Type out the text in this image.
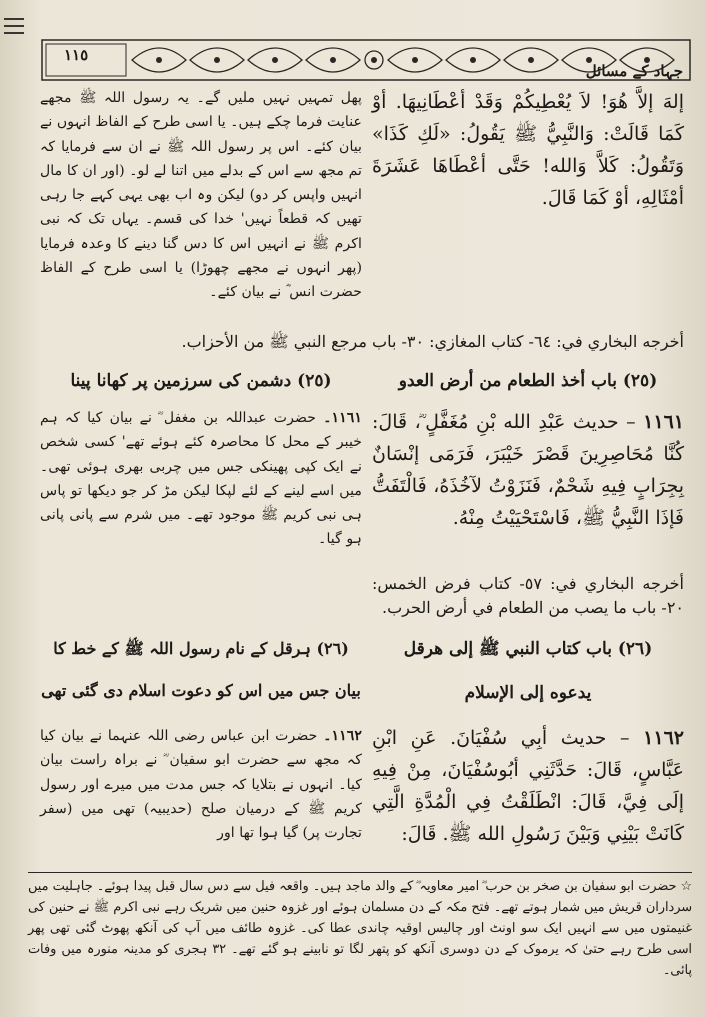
١١٥
جہاد کے مسائل
إلهَ إلاَّ هُوَ! لاَ يُعْطِيكُمْ وَقَدْ أعْطَانِيهَا. أوْ كَمَا قَالَتْ: وَالنَّبِيُّ ﷺ يَقُولُ: «لَكِ كَذَا» وَتَقُولُ: كَلاَّ وَالله! حَتَّى أعْطَاهَا عَشَرَةَ أمْثَالِهِ، أوْ كَمَا قَالَ.
پھل تمہیں نہیں ملیں گے۔ یہ رسول اللہ ﷺ مجھے عنایت فرما چکے ہیں۔ یا اسی طرح کے الفاظ انہوں نے بیان کئے۔ اس پر رسول اللہ ﷺ نے ان سے فرمایا کہ تم مجھ سے اس کے بدلے میں اتنا لے لو۔ (اور ان کا مال انہیں واپس کر دو) لیکن وہ اب بھی یہی کہے جا رہی تھیں کہ قطعاً نہیں' خدا کی قسم۔ یہاں تک کہ نبی اکرم ﷺ نے انہیں اس کا دس گنا دینے کا وعدہ فرمایا (پھر انہوں نے مجھے چھوڑا) یا اسی طرح کے الفاظ حضرت انس ؓ نے بیان کئے۔
أخرجه البخاري في: ٦٤- كتاب المغازي: ٣٠- باب مرجع النبي ﷺ من الأحزاب.
(٢٥) باب أخذ الطعام من أرض العدو
(٢٥) دشمن کی سرزمین پر کھانا پینا
١١٦١ – حديث عَبْدِ الله بْنِ مُغَفَّلٍ ؓ، قَالَ: كُنَّا مُحَاصِرِينَ قَصْرَ خَيْبَرَ، فَرَمَى إنْسَانٌ بِجِرَابٍ فِيهِ شَحْمٌ، فَنَزَوْتُ لآخُذَهُ، فَالْتَفَتُّ فَإذَا النَّبِيُّ ﷺ، فَاسْتَحْيَيْتُ مِنْهُ.
١١٦١۔ حضرت عبداللہ بن مغفل ؓ نے بیان کیا کہ ہم خیبر کے محل کا محاصرہ کئے ہوئے تھے' کسی شخص نے ایک کپی پھینکی جس میں چربی بھری ہوئی تھی۔ میں اسے لینے کے لئے لپکا لیکن مڑ کر جو دیکھا تو پاس ہی نبی کریم ﷺ موجود تھے۔ میں شرم سے پانی پانی ہو گیا۔
أخرجه البخاري في: ٥٧- كتاب فرض الخمس: ٢٠- باب ما يصب من الطعام في أرض الحرب.
(٢٦) باب كتاب النبي ﷺ إلى هرقل
يدعوه إلى الإسلام
(٢٦) ہرقل کے نام رسول اللہ ﷺ کے خط کا
بیان جس میں اس کو دعوت اسلام دی گئی تھی
١١٦٢ – حديث أبِي سُفْيَانَ. عَنِ ابْنِ عَبَّاسٍ، قَالَ: حَدَّثَنِي أبُوسُفْيَانَ، مِنْ فِيهِ إلَى فِيَّ، قَالَ: انْطَلَقْتُ فِي الْمُدَّةِ الَّتِي كَانَتْ بَيْنِي وَبَيْنَ رَسُولِ الله ﷺ. قَالَ:
١١٦٢۔ حضرت ابن عباس رضی اللہ عنہما نے بیان کیا کہ مجھ سے حضرت ابو سفیان ؓ نے براہ راست بیان کیا۔ انہوں نے بتلایا کہ جس مدت میں میرے اور رسول کریم ﷺ کے درمیان صلح (حدیبیہ) تھی میں (سفر تجارت پر) گیا ہوا تھا اور
☆ حضرت ابو سفیان بن صخر بن حرب ؓ امیر معاویہ ؓ کے والد ماجد ہیں۔ واقعہ فیل سے دس سال قبل پیدا ہوئے۔ جاہلیت میں سرداران قریش میں شمار ہوتے تھے۔ فتح مکہ کے دن مسلمان ہوئے اور غزوہ حنین میں شریک رہے نبی اکرم ﷺ نے حنین کی غنیمتوں میں سے انہیں ایک سو اونٹ اور چالیس اوقیہ چاندی عطا کی۔ غزوہ طائف میں آپ کی آنکھ پھوٹ گئی تھی پھر اسی طرح رہے حتیٰ کہ یرموک کے دن دوسری آنکھ کو پتھر لگا تو نابینے ہو گئے تھے۔ ٣٢ ہجری کو مدینہ منورہ میں وفات پائی۔
